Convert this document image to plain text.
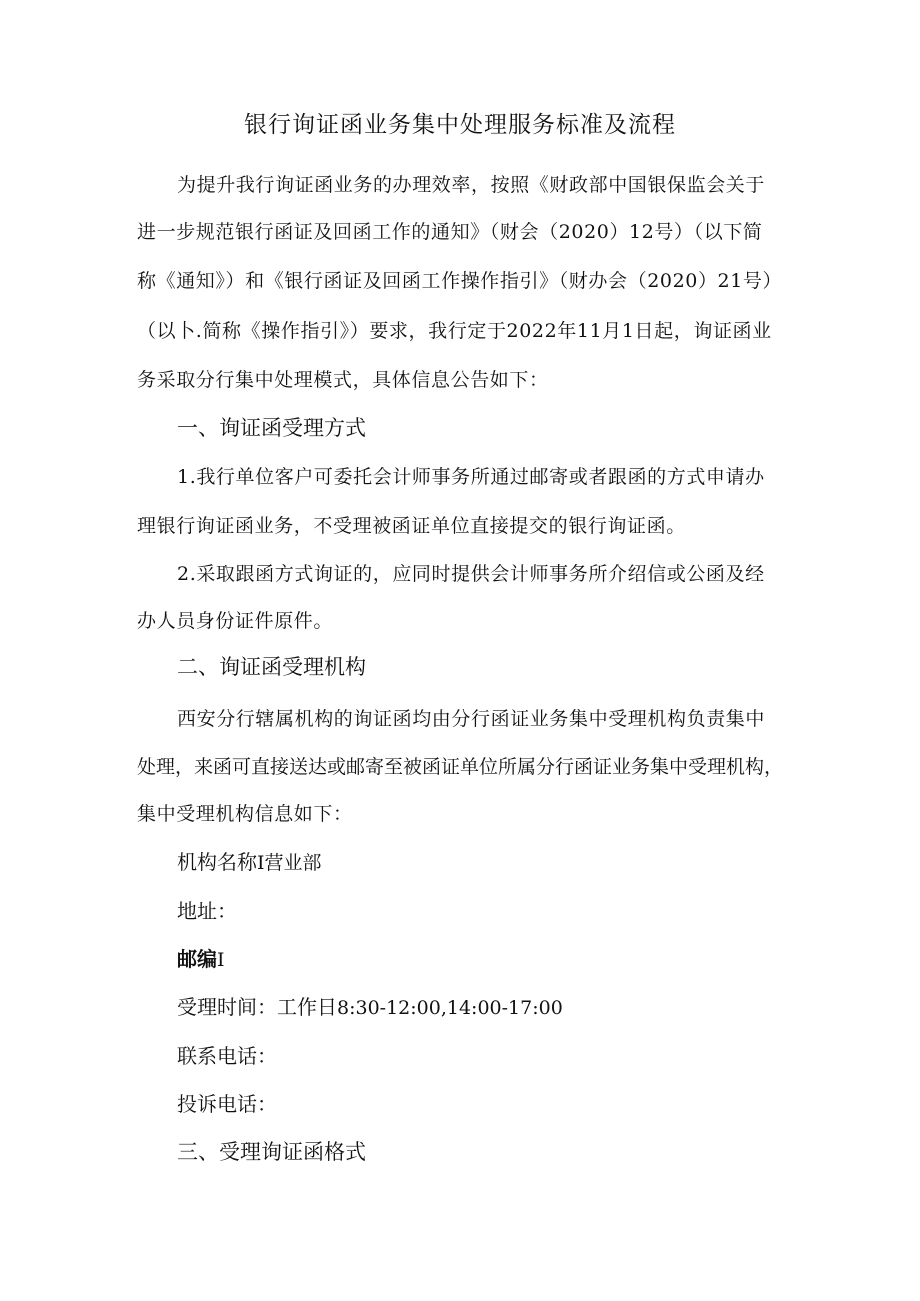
银行询证函业务集中处理服务标准及流程
为提升我行询证函业务的办理效率，按照《财政部中国银保监会关于
进一步规范银行函证及回函工作的通知》（财会（2020）12号）（以下简
称《通知》）和《银行函证及回函工作操作指引》（财办会（2020）21号）
（以卜.简称《操作指引》）要求，我行定于2022年11月1日起，询证函业
务采取分行集中处理模式，具体信息公告如下：
一、询证函受理方式
1.我行单位客户可委托会计师事务所通过邮寄或者跟函的方式申请办
理银行询证函业务，不受理被函证单位直接提交的银行询证函。
2.采取跟函方式询证的，应同时提供会计师事务所介绍信或公函及经
办人员身份证件原件。
二、询证函受理机构
西安分行辖属机构的询证函均由分行函证业务集中受理机构负责集中
处理，来函可直接送达或邮寄至被函证单位所属分行函证业务集中受理机构，
集中受理机构信息如下：
机构名称I营业部
地址：
邮编I
受理时间：工作日8:30-12:00,14:00-17:00
联系电话：
投诉电话：
三、受理询证函格式
